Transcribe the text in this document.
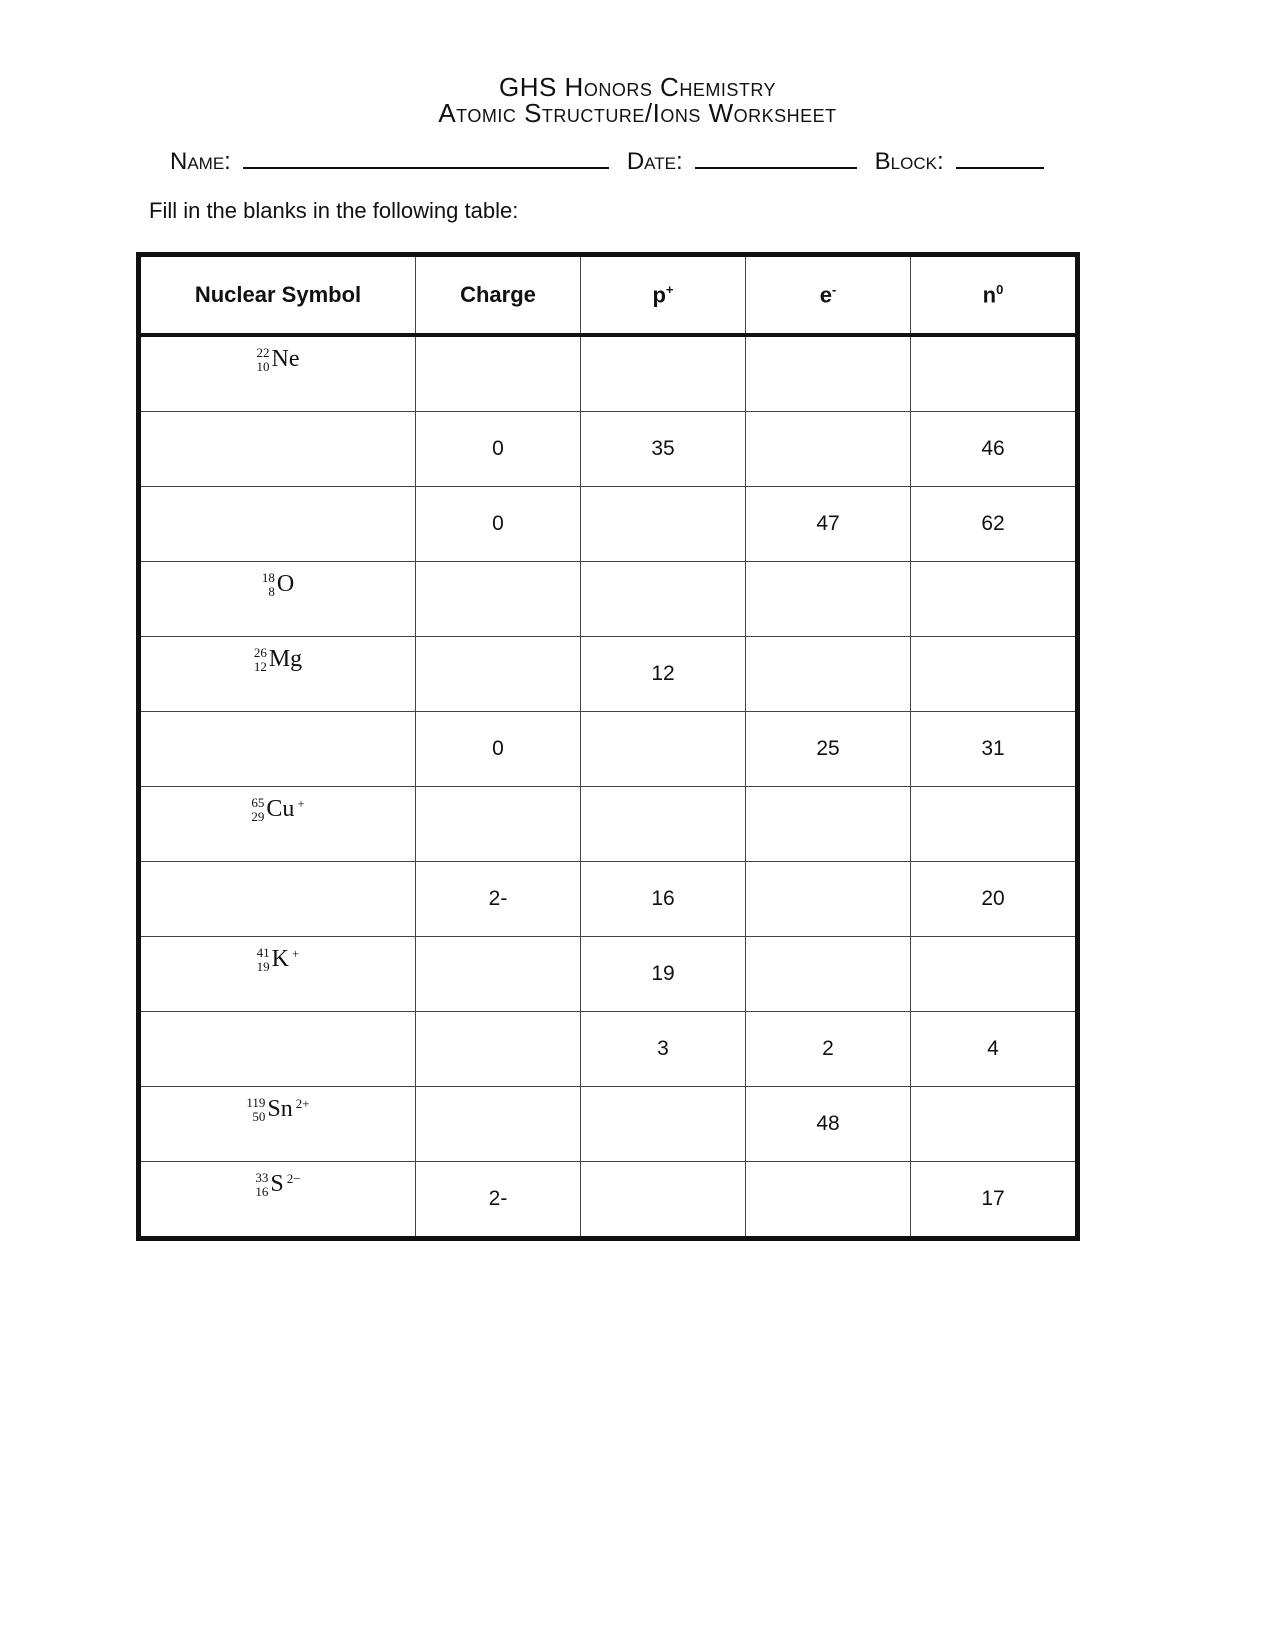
GHS Honors Chemistry
Atomic Structure/Ions Worksheet
Name:	Date:	Block:
Fill in the blanks in the following table:
Nuclear Symbol	Charge	p+	e-	$n^0$

22
10 Ne				

	0	35		46
	0		47	62

18
8 O				

26
12 Mg		12		
	0		25	31

65
29 Cu +				

	2-	16		20

41
19 K +		19		
		3	2	4

119
50 Sn 2+			48	

33
16 S 2−	2-			17
